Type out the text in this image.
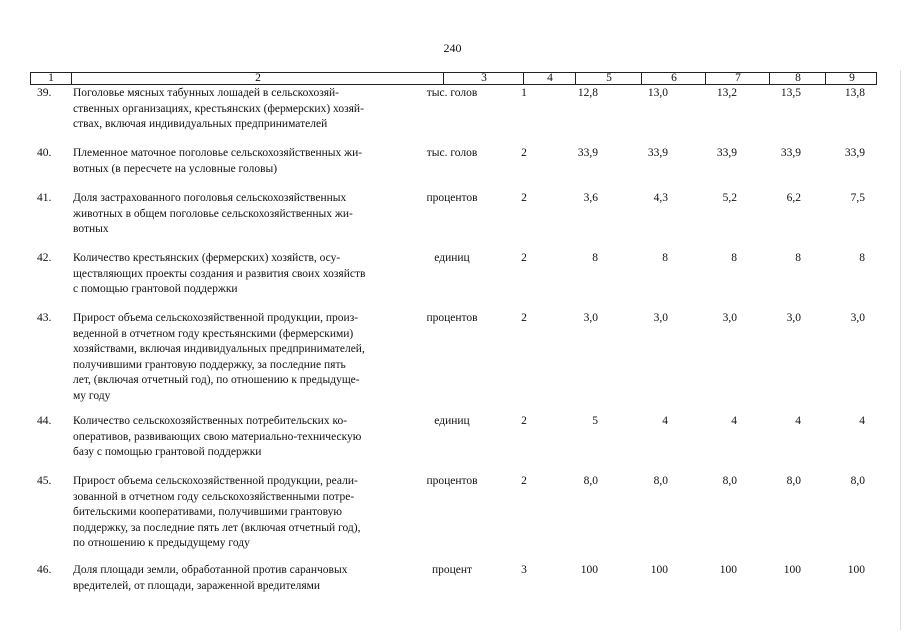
240
1	2	3	4	5	6	7	8	9
39.	Поголовье мясных табунных лошадей в сельскохозяй-
ственных организациях, крестьянских (фермерских) хозяй-
ствах, включая индивидуальных предпринимателей
тыс. голов	1	12,8	13,0	13,2	13,5	13,8
40.	Племенное маточное поголовье сельскохозяйственных жи-
вотных (в пересчете на условные головы)
тыс. голов	2	33,9	33,9	33,9	33,9	33,9
41.	Доля застрахованного поголовья сельскохозяйственных
животных в общем поголовье сельскохозяйственных жи-
вотных
процентов	2	3,6	4,3	5,2	6,2	7,5
42.	Количество крестьянских (фермерских) хозяйств, осу-
ществляющих проекты создания и развития своих хозяйств
с помощью грантовой поддержки
единиц	2	8	8	8	8	8
43.	Прирост объема сельскохозяйственной продукции, произ-
веденной в отчетном году крестьянскими (фермерскими)
хозяйствами, включая индивидуальных предпринимателей,
получившими грантовую поддержку, за последние пять
лет, (включая отчетный год), по отношению к предыдуще-
му году
процентов	2	3,0	3,0	3,0	3,0	3,0
44.	Количество сельскохозяйственных потребительских ко-
оперативов, развивающих свою материально-техническую
базу с помощью грантовой поддержки
единиц	2	5	4	4	4	4
45.	Прирост объема сельскохозяйственной продукции, реали-
зованной в отчетном году сельскохозяйственными потре-
бительскими кооперативами, получившими грантовую
поддержку, за последние пять лет (включая отчетный год),
по отношению к предыдущему году
процентов	2	8,0	8,0	8,0	8,0	8,0
46.	Доля площади земли, обработанной против саранчовых
вредителей, от площади, зараженной вредителями
процент	3	100	100	100	100	100
